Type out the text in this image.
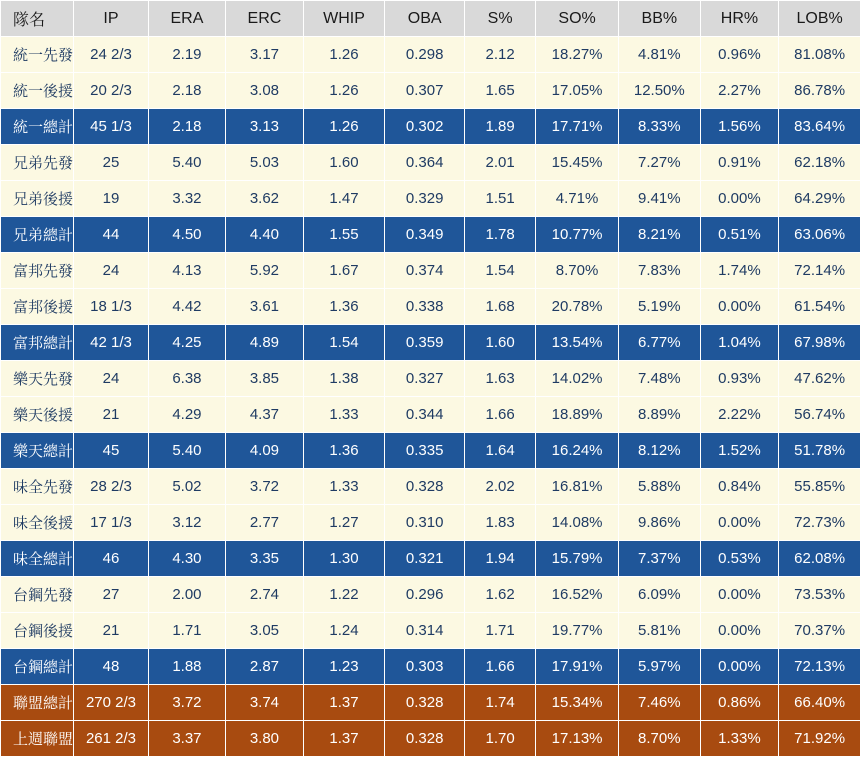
隊名	IP	ERA	ERC	WHIP	OBA	S%	SO%	BB%	HR%	LOB%
統一先發	24 2/3	2.19	3.17	1.26	0.298	2.12	18.27%	4.81%	0.96%	81.08%
統一後援	20 2/3	2.18	3.08	1.26	0.307	1.65	17.05%	12.50%	2.27%	86.78%
統一總計	45 1/3	2.18	3.13	1.26	0.302	1.89	17.71%	8.33%	1.56%	83.64%
兄弟先發	25	5.40	5.03	1.60	0.364	2.01	15.45%	7.27%	0.91%	62.18%
兄弟後援	19	3.32	3.62	1.47	0.329	1.51	4.71%	9.41%	0.00%	64.29%
兄弟總計	44	4.50	4.40	1.55	0.349	1.78	10.77%	8.21%	0.51%	63.06%
富邦先發	24	4.13	5.92	1.67	0.374	1.54	8.70%	7.83%	1.74%	72.14%
富邦後援	18 1/3	4.42	3.61	1.36	0.338	1.68	20.78%	5.19%	0.00%	61.54%
富邦總計	42 1/3	4.25	4.89	1.54	0.359	1.60	13.54%	6.77%	1.04%	67.98%
樂天先發	24	6.38	3.85	1.38	0.327	1.63	14.02%	7.48%	0.93%	47.62%
樂天後援	21	4.29	4.37	1.33	0.344	1.66	18.89%	8.89%	2.22%	56.74%
樂天總計	45	5.40	4.09	1.36	0.335	1.64	16.24%	8.12%	1.52%	51.78%
味全先發	28 2/3	5.02	3.72	1.33	0.328	2.02	16.81%	5.88%	0.84%	55.85%
味全後援	17 1/3	3.12	2.77	1.27	0.310	1.83	14.08%	9.86%	0.00%	72.73%
味全總計	46	4.30	3.35	1.30	0.321	1.94	15.79%	7.37%	0.53%	62.08%
台鋼先發	27	2.00	2.74	1.22	0.296	1.62	16.52%	6.09%	0.00%	73.53%
台鋼後援	21	1.71	3.05	1.24	0.314	1.71	19.77%	5.81%	0.00%	70.37%
台鋼總計	48	1.88	2.87	1.23	0.303	1.66	17.91%	5.97%	0.00%	72.13%
聯盟總計	270 2/3	3.72	3.74	1.37	0.328	1.74	15.34%	7.46%	0.86%	66.40%
上週聯盟	261 2/3	3.37	3.80	1.37	0.328	1.70	17.13%	8.70%	1.33%	71.92%
